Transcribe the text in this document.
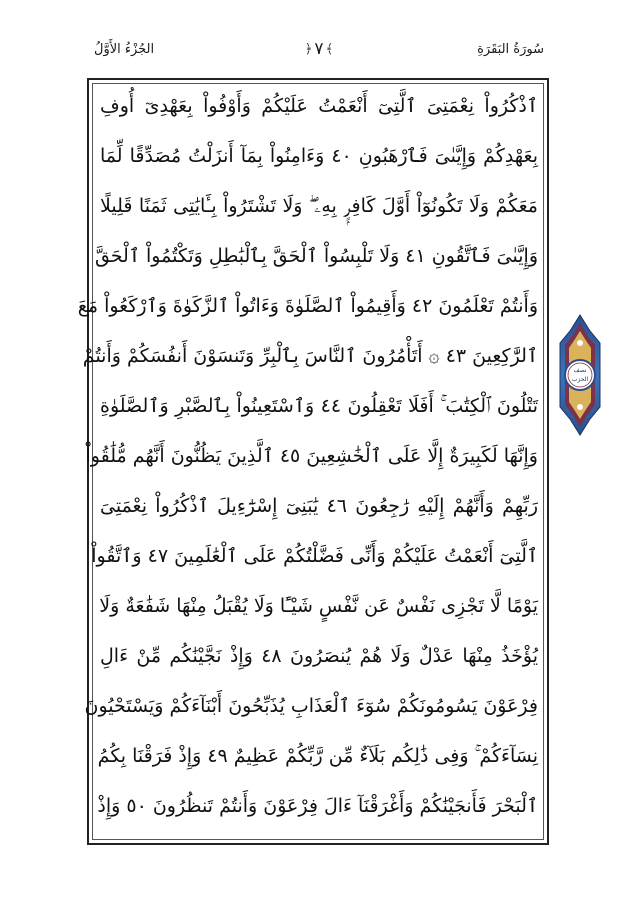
سُورَةُ البَقَرَةِ
﴿ ٧ ﴾
الجُزْءُ الأَوَّلُ
ٱذْكُرُواْ نِعْمَتِىَ ٱلَّتِىٓ أَنْعَمْتُ عَلَيْكُمْ وَأَوْفُواْ بِعَهْدِىٓ أُوفِ
بِعَهْدِكُمْ وَإِيَّىٰىَ فَٱرْهَبُونِ ٤٠ وَءَامِنُواْ بِمَآ أَنزَلْتُ مُصَدِّقًا لِّمَا
مَعَكُمْ وَلَا تَكُونُوٓاْ أَوَّلَ كَافِرٍۭ بِهِۦ ۖ وَلَا تَشْتَرُواْ بِـَٔايَٰتِى ثَمَنًا قَلِيلًا
وَإِيَّىٰىَ فَٱتَّقُونِ ٤١ وَلَا تَلْبِسُواْ ٱلْحَقَّ بِٱلْبَٰطِلِ وَتَكْتُمُواْ ٱلْحَقَّ
وَأَنتُمْ تَعْلَمُونَ ٤٢ وَأَقِيمُواْ ٱلصَّلَوٰةَ وَءَاتُواْ ٱلزَّكَوٰةَ وَٱرْكَعُواْ مَعَ
ٱلرَّٰكِعِينَ ٤٣ ۞ أَتَأْمُرُونَ ٱلنَّاسَ بِٱلْبِرِّ وَتَنسَوْنَ أَنفُسَكُمْ وَأَنتُمْ
تَتْلُونَ ٱلْكِتَٰبَ ۚ أَفَلَا تَعْقِلُونَ ٤٤ وَٱسْتَعِينُواْ بِٱلصَّبْرِ وَٱلصَّلَوٰةِ
وَإِنَّهَا لَكَبِيرَةٌ إِلَّا عَلَى ٱلْخَٰشِعِينَ ٤٥ ٱلَّذِينَ يَظُنُّونَ أَنَّهُم مُّلَٰقُواْ
رَبِّهِمْ وَأَنَّهُمْ إِلَيْهِ رَٰجِعُونَ ٤٦ يَٰبَنِىٓ إِسْرَٰٓءِيلَ ٱذْكُرُواْ نِعْمَتِىَ
ٱلَّتِىٓ أَنْعَمْتُ عَلَيْكُمْ وَأَنِّى فَضَّلْتُكُمْ عَلَى ٱلْعَٰلَمِينَ ٤٧ وَٱتَّقُواْ
يَوْمًا لَّا تَجْزِى نَفْسٌ عَن نَّفْسٍ شَيْـًٔا وَلَا يُقْبَلُ مِنْهَا شَفَٰعَةٌ وَلَا
يُؤْخَذُ مِنْهَا عَدْلٌ وَلَا هُمْ يُنصَرُونَ ٤٨ وَإِذْ نَجَّيْنَٰكُم مِّنْ ءَالِ
فِرْعَوْنَ يَسُومُونَكُمْ سُوٓءَ ٱلْعَذَابِ يُذَبِّحُونَ أَبْنَآءَكُمْ وَيَسْتَحْيُونَ
نِسَآءَكُمْ ۚ وَفِى ذَٰلِكُم بَلَآءٌ مِّن رَّبِّكُمْ عَظِيمٌ ٤٩ وَإِذْ فَرَقْنَا بِكُمُ
ٱلْبَحْرَ فَأَنجَيْنَٰكُمْ وَأَغْرَقْنَآ ءَالَ فِرْعَوْنَ وَأَنتُمْ تَنظُرُونَ ٥٠ وَإِذْ
نصف
الحزب
